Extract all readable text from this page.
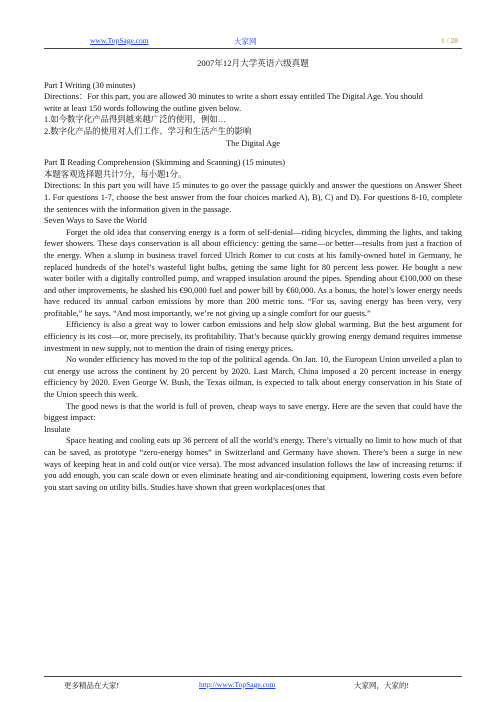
www.TopSage.com	大家网	1 / 28

2007年12月大学英语六级真题

Part Ⅰ Writing (30 minutes)

Directions：For this part, you are allowed 30 minutes to write a short essay entitled The Digital Age. You should

write at least 150 words following the outline given below.

1.如今数字化产品得到越来越广泛的使用，例如…

2.数字化产品的使用对人们工作、学习和生活产生的影响

The Digital Age

Part Ⅱ Reading Comprehension (Skimming and Scanning) (15 minutes)

本题客观选择题共计7分，每小题1分。

Directions: In this part you will have 15 minutes to go over the passage quickly and answer the questions on Answer Sheet 1. For questions 1-7, choose the best answer from the four choices marked A), B), C) and D). For questions 8-10, complete the sentences with the information given in the passage.

Seven Ways to Save the World

Forget the old idea that conserving energy is a form of self-denial—riding bicycles, dimming the lights, and taking fewer showers. These days conservation is all about efficiency: getting the same—or better—results from just a fraction of the energy. When a slump in business travel forced Ulrich Romer to cut costs at his family-owned hotel in Germany, he replaced hundreds of the hotel’s wasteful light bulbs, getting the same light for 80 percent less power. He bought a new water boiler with a digitally controlled pump, and wrapped insulation around the pipes. Spending about €100,000 on these and other improvements, he slashed his €90,000 fuel and power bill by €60,000. As a bonus, the hotel’s lower energy needs have reduced its annual carbon emissions by more than 200 metric tons. “For us, saving energy has been very, very profitable,” he says. “And most importantly, we’re not giving up a single comfort for our guests.”

Efficiency is also a great way to lower carbon emissions and help slow global warming. But the best argument for efficiency is its cost—or, more precisely, its profitability. That’s because quickly growing energy demand requires immense investment in new supply, not to mention the drain of rising energy prices.

No wonder efficiency has moved to the top of the political agenda. On Jan. 10, the European Union unveiled a plan to cut energy use across the continent by 20 percent by 2020. Last March, China imposed a 20 percent increase in energy efficiency by 2020. Even George W. Bush, the Texas oilman, is expected to talk about energy conservation in his State of the Union speech this week.

The good news is that the world is full of proven, cheap ways to save energy. Here are the seven that could have the biggest impact:

Insulate

Space heating and cooling eats up 36 percent of all the world’s energy. There’s virtually no limit to how much of that can be saved, as prototype “zero-energy homes” in Switzerland and Germany have shown. There’s been a surge in new ways of keeping heat in and cold out(or vice versa). The most advanced insulation follows the law of increasing returns: if you add enough, you can scale down or even eliminate heating and air-conditioning equipment, lowering costs even before you start saving on utility bills. Studies have shown that green workplaces(ones that

更多精品在大家!	http://www.TopSage.com	大家网，大家的!
